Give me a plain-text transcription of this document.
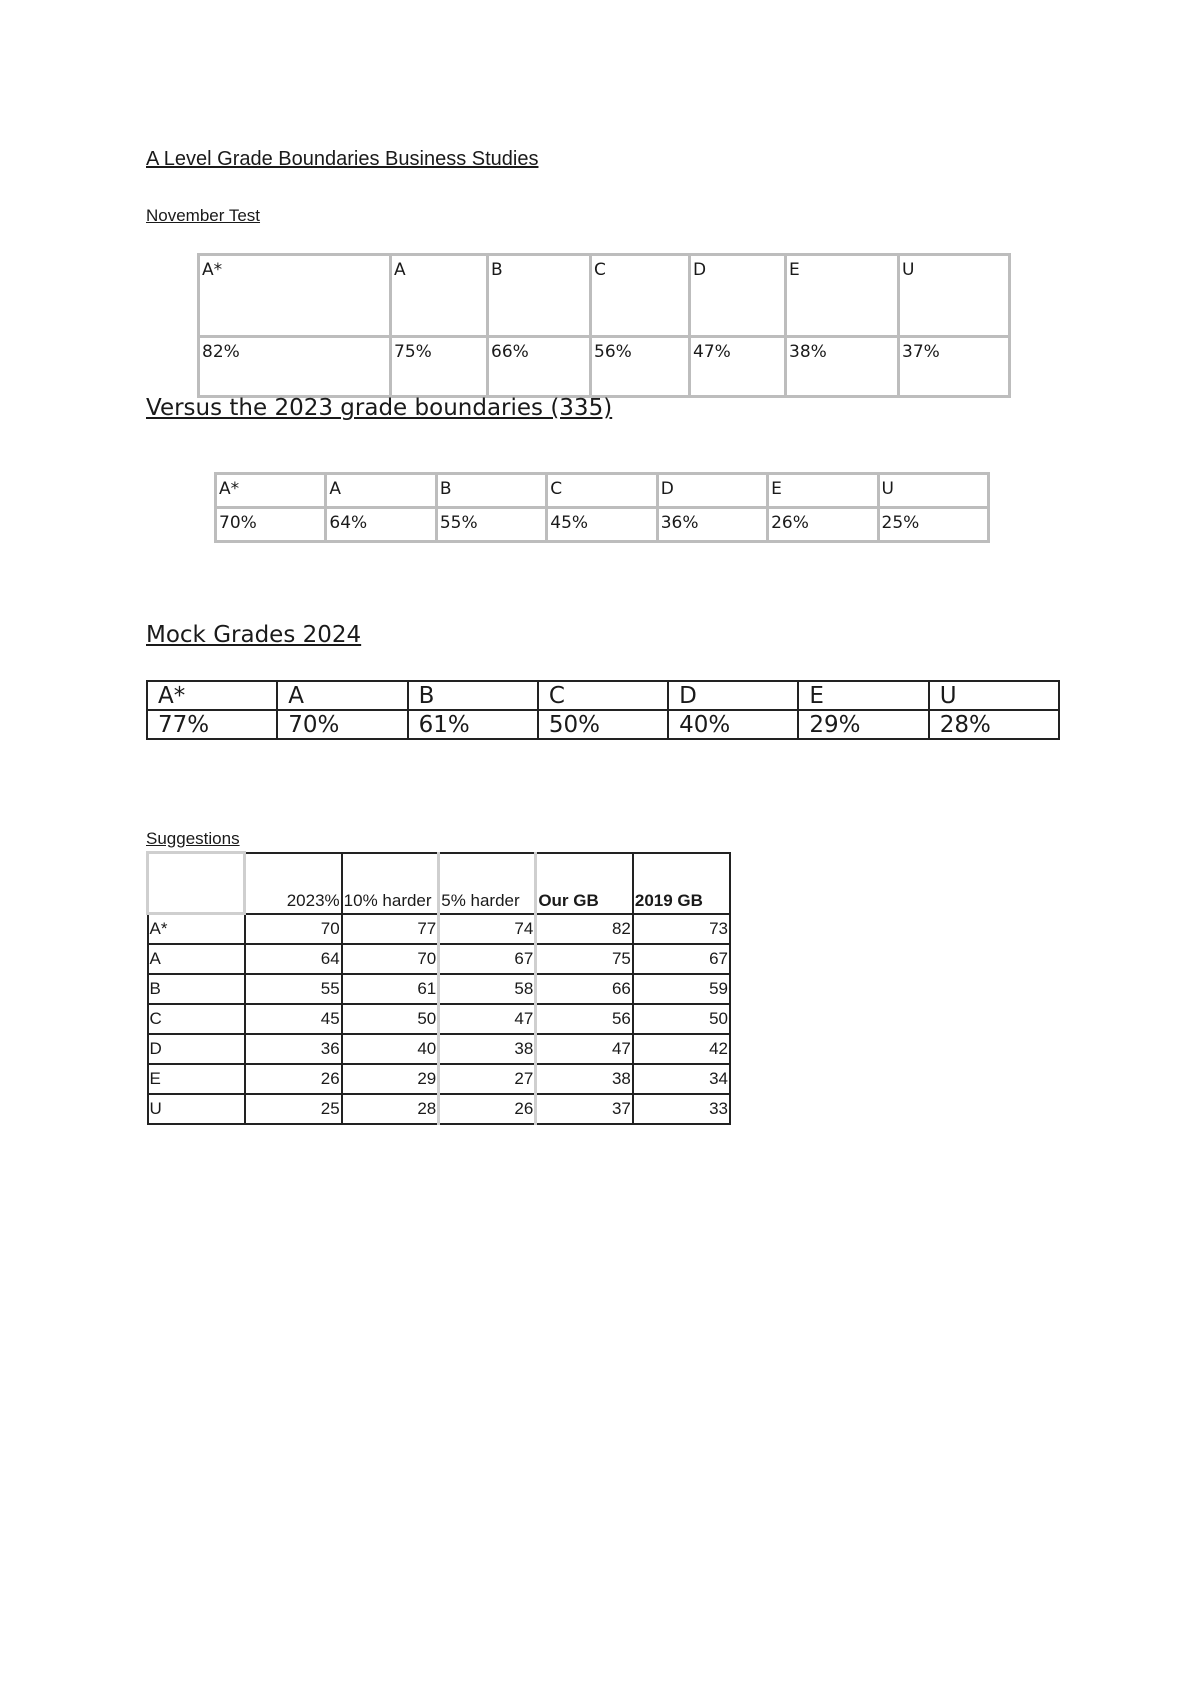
A Level Grade Boundaries Business Studies
November Test
A*	A	B	C	D	E	U
82%	75%	66%	56%	47%	38%	37%
Versus the 2023 grade boundaries (335)
A*	A	B	C	D	E	U
70%	64%	55%	45%	36%	26%	25%
Mock Grades 2024
A*	A	B	C	D	E	U
77%	70%	61%	50%	40%	29%	28%
Suggestions
	2023%	10% harder	5% harder	Our GB	2019 GB
A*	70	77	74	82	73
A	64	70	67	75	67
B	55	61	58	66	59
C	45	50	47	56	50
D	36	40	38	47	42
E	26	29	27	38	34
U	25	28	26	37	33
